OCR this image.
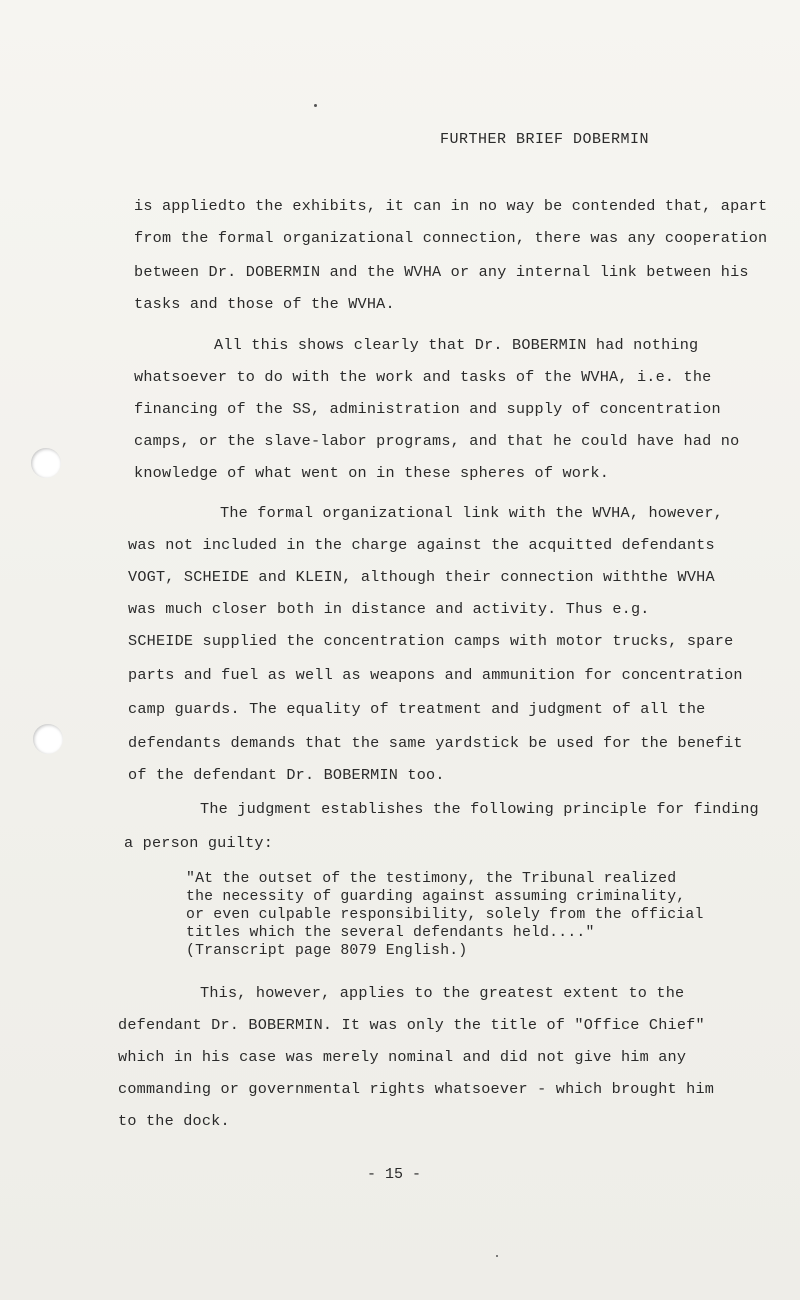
FURTHER BRIEF DOBERMIN
is appliedto the exhibits, it can in no way be contended that, apart
from the formal organizational connection, there was any cooperation
between Dr. DOBERMIN and the WVHA or any internal link between his
tasks and those of the WVHA.
All this shows clearly that Dr. BOBERMIN had nothing
whatsoever to do with the work and tasks of the WVHA, i.e. the
financing of the SS, administration and supply of concentration
camps, or the slave-labor programs, and that he could have had no
knowledge of what went on in these spheres of work.
The formal organizational link with the WVHA, however,
was not included in the charge against the acquitted defendants
VOGT, SCHEIDE and KLEIN, although their connection withthe WVHA
was much closer both in distance and activity. Thus e.g.
SCHEIDE supplied the concentration camps with motor trucks, spare
parts and fuel as well as weapons and ammunition for concentration
camp guards. The equality of treatment and judgment of all the
defendants demands that the same yardstick be used for the benefit
of the defendant Dr. BOBERMIN too.
The judgment establishes the following principle for finding
a person guilty:
"At the outset of the testimony, the Tribunal realized
the necessity of guarding against assuming criminality,
or even culpable responsibility, solely from the official
titles which the several defendants held...."
(Transcript page 8079 English.)
This, however, applies to the greatest extent to the
defendant Dr. BOBERMIN. It was only the title of "Office Chief"
which in his case was merely nominal and did not give him any
commanding or governmental rights whatsoever - which brought him
to the dock.
- 15 -
